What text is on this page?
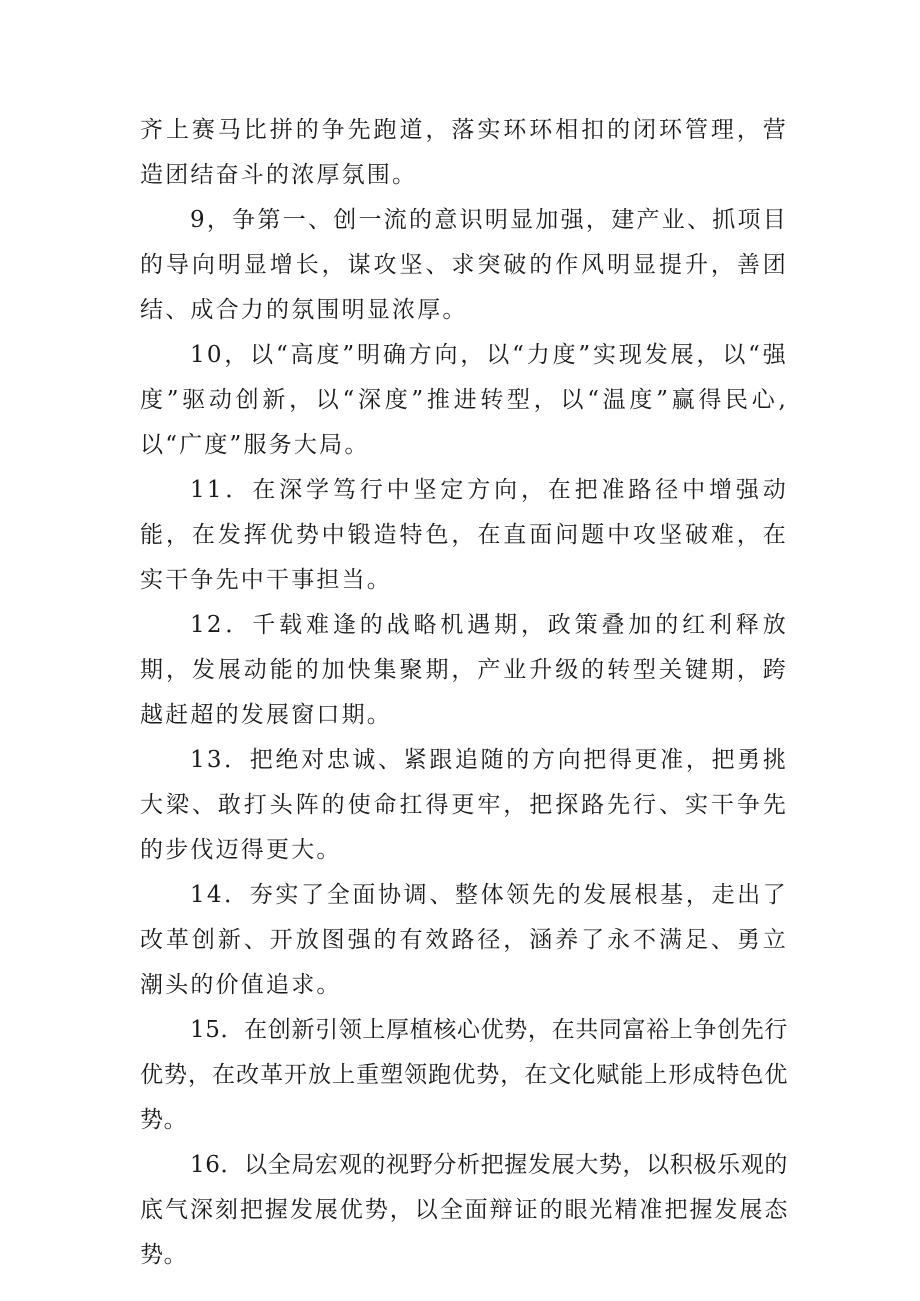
齐上赛马比拼的争先跑道，落实环环相扣的闭环管理，营造团结奋斗的浓厚氛围。

9，争第一、创一流的意识明显加强，建产业、抓项目的导向明显增长，谋攻坚、求突破的作风明显提升，善团结、成合力的氛围明显浓厚。

10，以“高度”明确方向，以“力度”实现发展，以“强度”驱动创新，以“深度”推进转型，以“温度”赢得民心,以“广度”服务大局。

11．在深学笃行中坚定方向，在把准路径中增强动能，在发挥优势中锻造特色，在直面问题中攻坚破难，在实干争先中干事担当。

12．千载难逢的战略机遇期，政策叠加的红利释放期，发展动能的加快集聚期，产业升级的转型关键期，跨越赶超的发展窗口期。

13．把绝对忠诚、紧跟追随的方向把得更准，把勇挑大梁、敢打头阵的使命扛得更牢，把探路先行、实干争先的步伐迈得更大。

14．夯实了全面协调、整体领先的发展根基，走出了改革创新、开放图强的有效路径，涵养了永不满足、勇立潮头的价值追求。

15．在创新引领上厚植核心优势，在共同富裕上争创先行优势，在改革开放上重塑领跑优势，在文化赋能上形成特色优势。

16．以全局宏观的视野分析把握发展大势，以积极乐观的底气深刻把握发展优势，以全面辩证的眼光精准把握发展态势。
